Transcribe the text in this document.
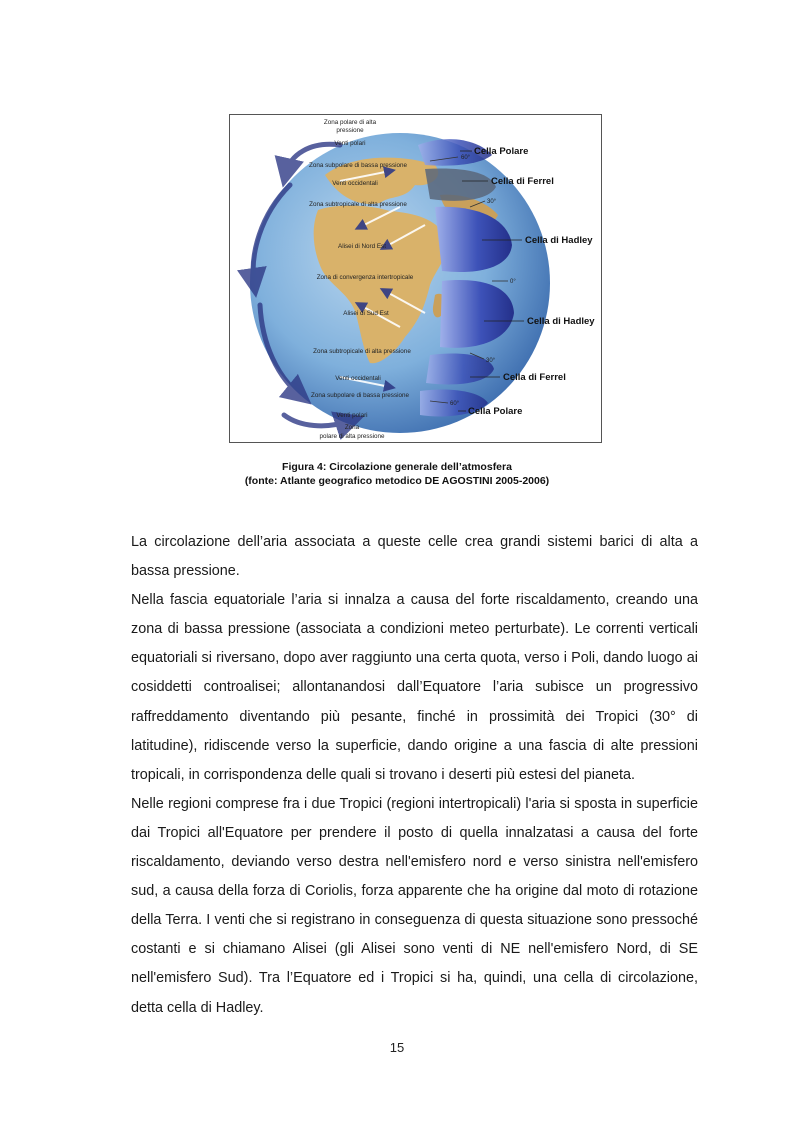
Zona polare di alta
pressione
Venti polari
Zona subpolare di bassa pressione
Venti occidentali
Zona subtropicale di alta pressione
Alisei di Nord Est
Zona di convergenza intertropicale
Alisei di Sud Est
Zona subtropicale di alta pressione
Venti occidentali
Zona subpolare di bassa pressione
Venti polari
Zona
polare di alta pressione
60°
30°
0°
30°
60°
Cella Polare
Cella di Ferrel
Cella di Hadley
Cella di Hadley
Cella di Ferrel
Cella Polare
Figura 4: Circolazione generale dell’atmosfera
(fonte: Atlante geografico metodico DE AGOSTINI 2005-2006)

La circolazione dell’aria associata a queste celle crea grandi sistemi barici di alta a bassa pressione.

Nella fascia equatoriale l’aria si innalza a causa del forte riscaldamento, creando una zona di bassa pressione (associata a condizioni meteo perturbate). Le correnti verticali equatoriali si riversano, dopo aver raggiunto una certa quota, verso i Poli, dando luogo ai cosiddetti controalisei; allontanandosi dall’Equatore l’aria subisce un progressivo raffreddamento diventando più pesante, finché in prossimità dei Tropici (30° di latitudine), ridiscende verso la superficie, dando origine a una fascia di alte pressioni tropicali, in corrispondenza delle quali si trovano i deserti più estesi del pianeta.

Nelle regioni comprese fra i due Tropici (regioni intertropicali) l'aria si sposta in superficie dai Tropici all'Equatore per prendere il posto di quella innalzatasi a causa del forte riscaldamento, deviando verso destra nell'emisfero nord e verso sinistra nell'emisfero sud, a causa della forza di Coriolis, forza apparente che ha origine dal moto di rotazione della Terra. I venti che si registrano in conseguenza di questa situazione sono pressoché costanti e si chiamano Alisei (gli Alisei sono venti di NE nell'emisfero Nord, di SE nell'emisfero Sud). Tra l’Equatore ed i Tropici si ha, quindi, una cella di circolazione, detta cella di Hadley.

15
